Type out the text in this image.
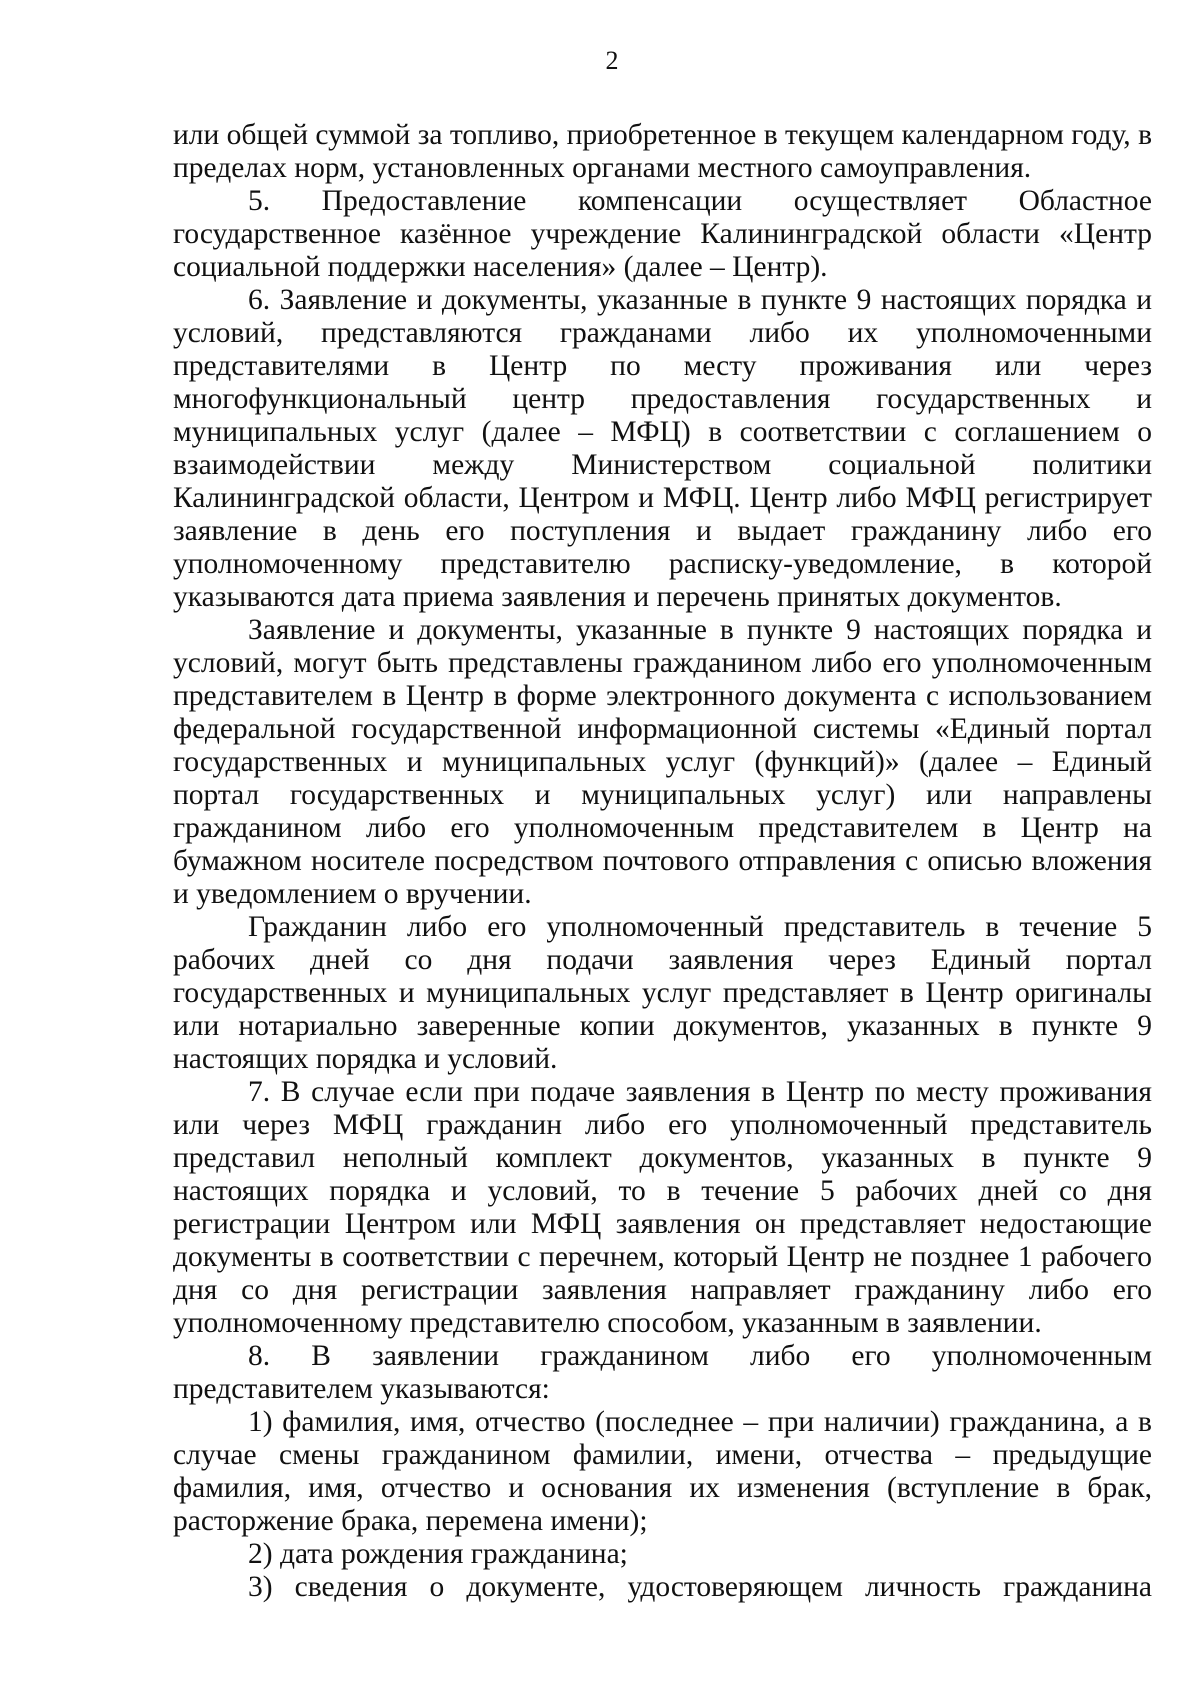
2

или общей суммой за топливо, приобретенное в текущем календарном году, в пределах норм, установленных органами местного самоуправления.

5. Предоставление компенсации осуществляет Областное государственное казённое учреждение Калининградской области «Центр социальной поддержки населения» (далее – Центр).

6. Заявление и документы, указанные в пункте 9 настоящих порядка и условий, представляются гражданами либо их уполномоченными представителями в Центр по месту проживания или через многофункциональный центр предоставления государственных и муниципальных услуг (далее – МФЦ) в соответствии с соглашением о взаимодействии между Министерством социальной политики Калининградской области, Центром и МФЦ. Центр либо МФЦ регистрирует заявление в день его поступления и выдает гражданину либо его уполномоченному представителю расписку-уведомление, в которой указываются дата приема заявления и перечень принятых документов.

Заявление и документы, указанные в пункте 9 настоящих порядка и условий, могут быть представлены гражданином либо его уполномоченным представителем в Центр в форме электронного документа с использованием федеральной государственной информационной системы «Единый портал государственных и муниципальных услуг (функций)» (далее – Единый портал государственных и муниципальных услуг) или направлены гражданином либо его уполномоченным представителем в Центр на бумажном носителе посредством почтового отправления с описью вложения и уведомлением о вручении.

Гражданин либо его уполномоченный представитель в течение 5 рабочих дней со дня подачи заявления через Единый портал государственных и муниципальных услуг представляет в Центр оригиналы или нотариально заверенные копии документов, указанных в пункте 9 настоящих порядка и условий.

7. В случае если при подаче заявления в Центр по месту проживания или через МФЦ гражданин либо его уполномоченный представитель представил неполный комплект документов, указанных в пункте 9 настоящих порядка и условий, то в течение 5 рабочих дней со дня регистрации Центром или МФЦ заявления он представляет недостающие документы в соответствии с перечнем, который Центр не позднее 1 рабочего дня со дня регистрации заявления направляет гражданину либо его уполномоченному представителю способом, указанным в заявлении.

8. В заявлении гражданином либо его уполномоченным представителем указываются:

1) фамилия, имя, отчество (последнее – при наличии) гражданина, а в случае смены гражданином фамилии, имени, отчества – предыдущие фамилия, имя, отчество и основания их изменения (вступление в брак, расторжение брака, перемена имени);

2) дата рождения гражданина;

3) сведения о документе, удостоверяющем личность гражданина
